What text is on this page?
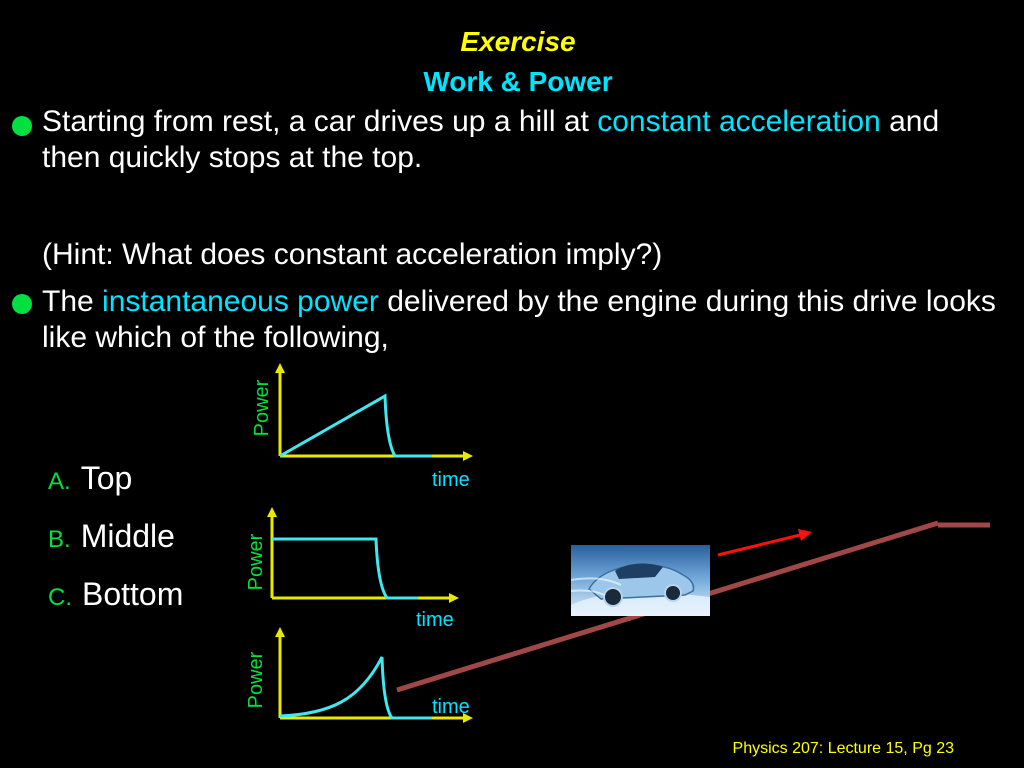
Exercise
Work & Power
Starting from rest, a car drives up a hill at constant acceleration and then quickly stops at the top.
(Hint: What does constant acceleration imply?)
The instantaneous power delivered by the engine during this drive looks like which of the following,
A. Top
B. Middle
C. Bottom
Power
time
Power
time
Power	time
Physics 207: Lecture 15, Pg 23
